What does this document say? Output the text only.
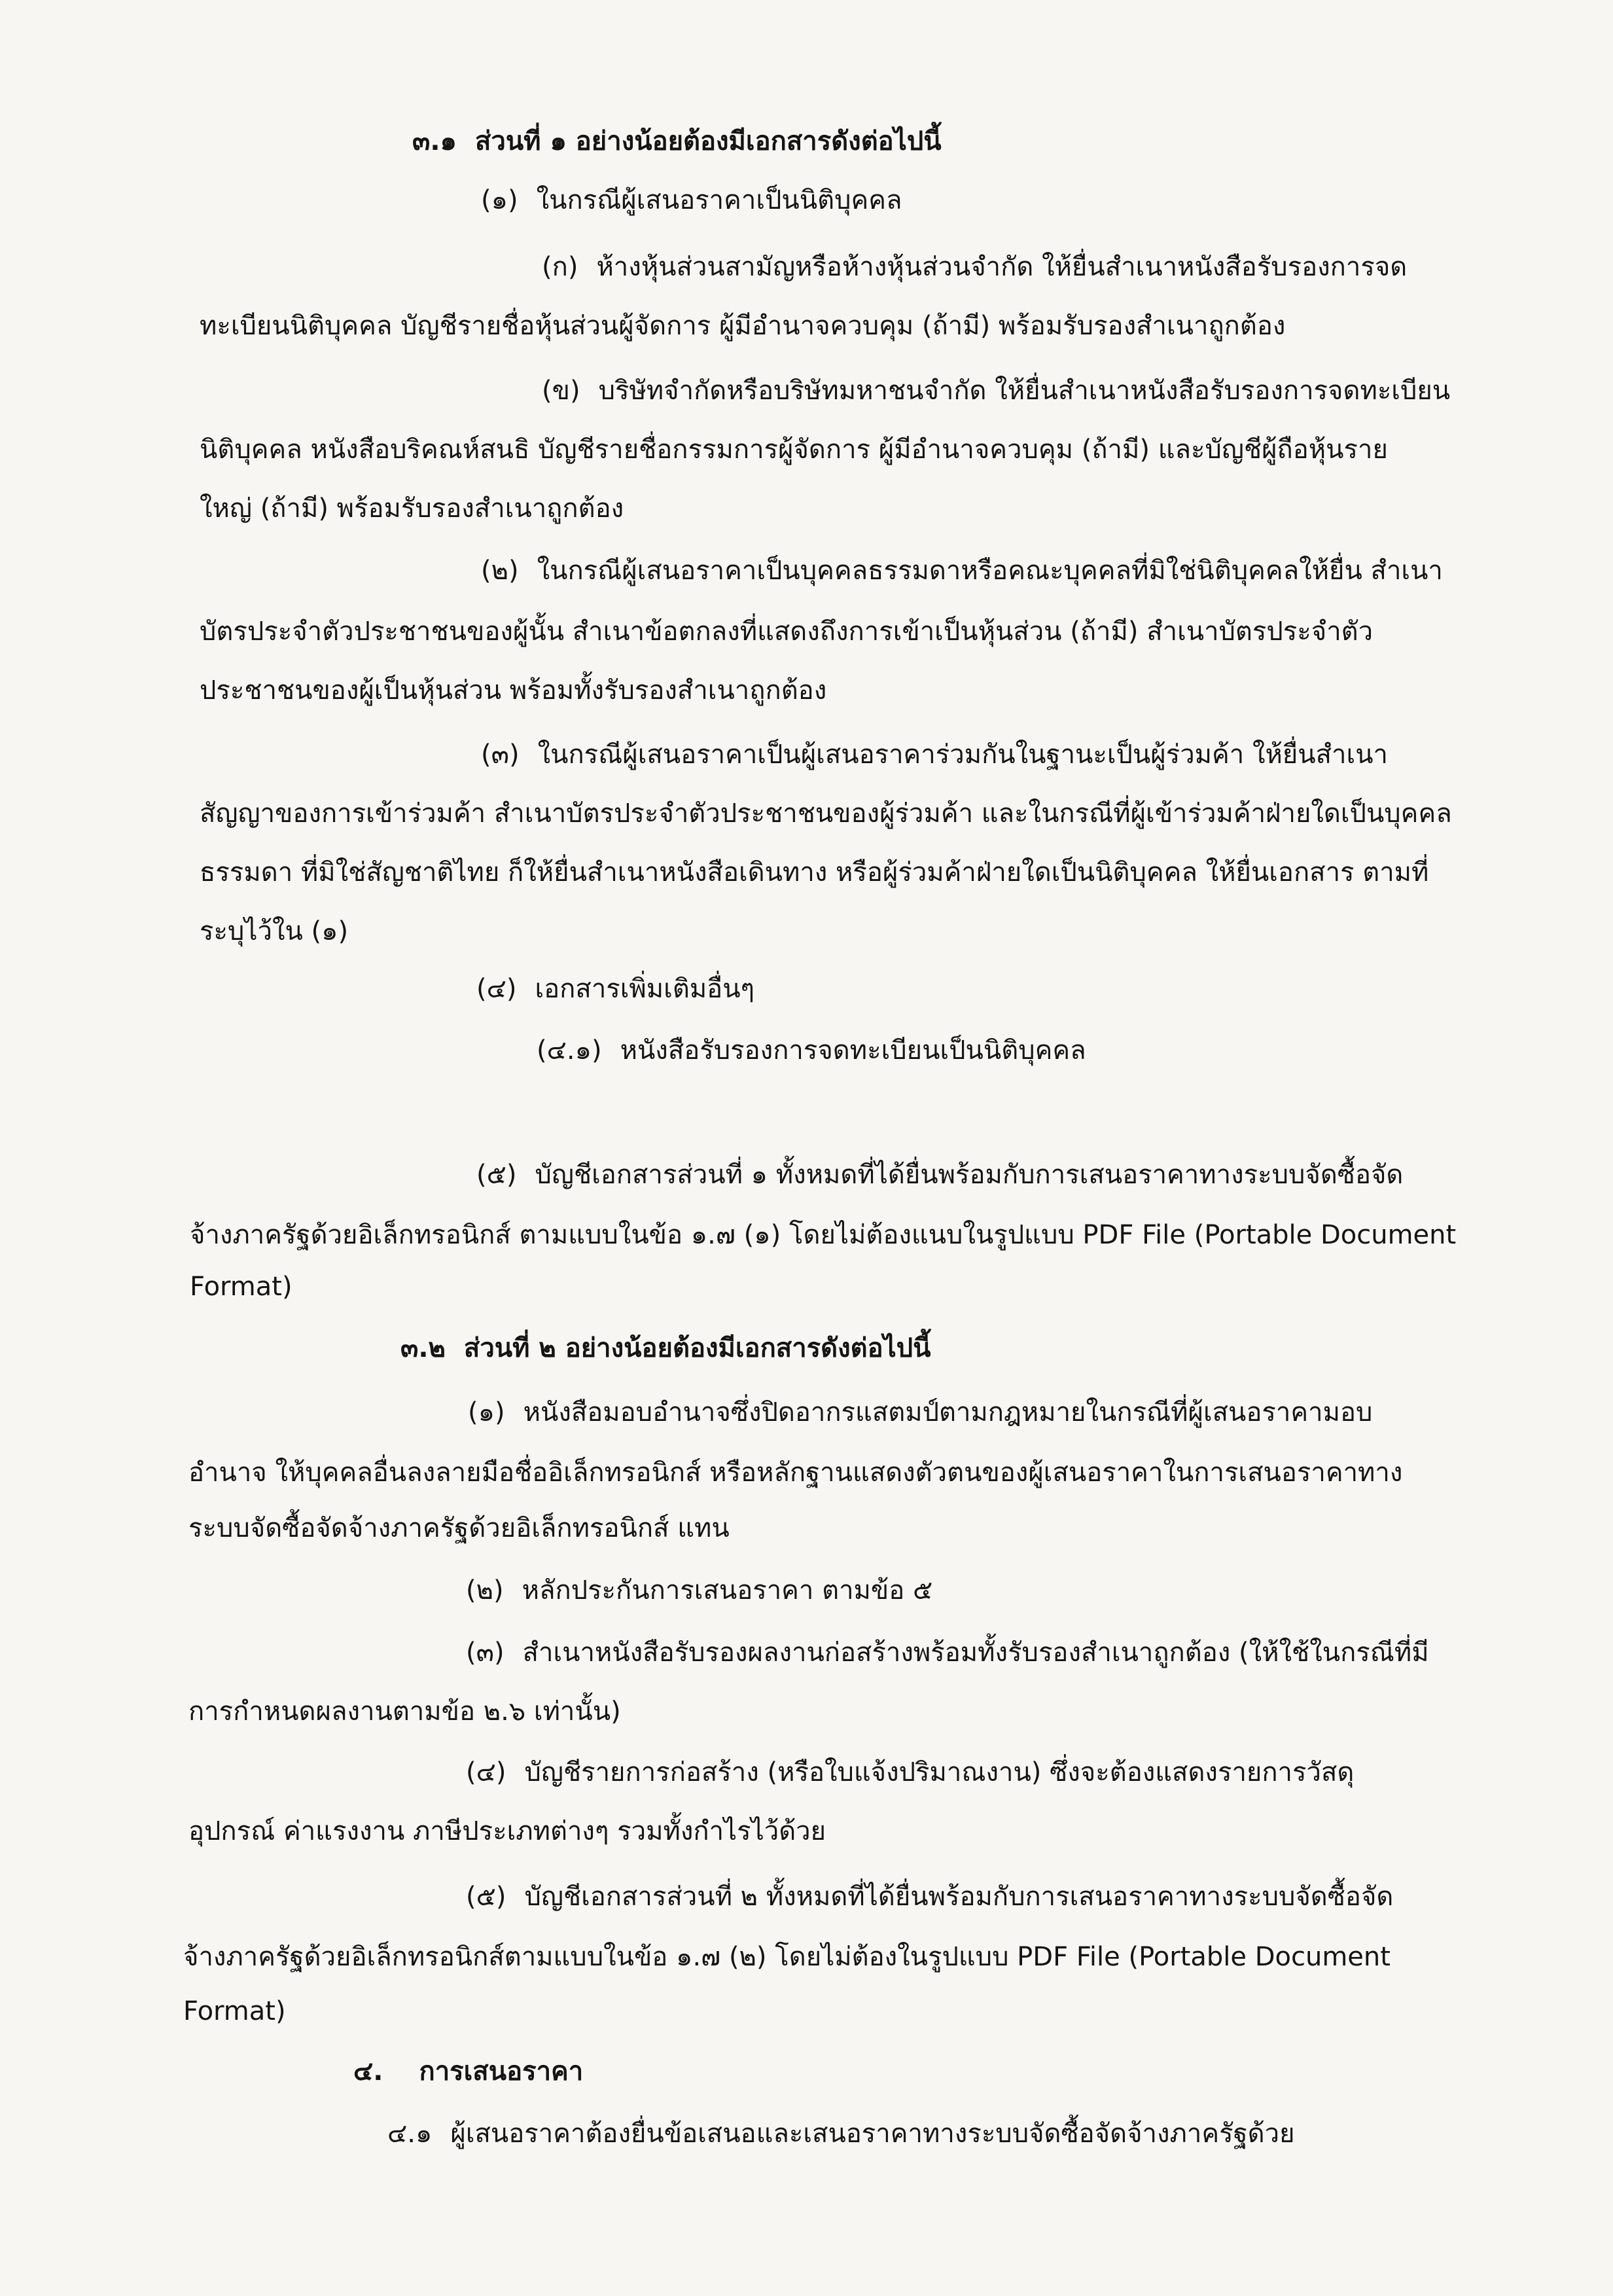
๓.๑ ส่วนที่ ๑ อย่างน้อยต้องมีเอกสารดังต่อไปนี้
(๑) ในกรณีผู้เสนอราคาเป็นนิติบุคคล
(ก) ห้างหุ้นส่วนสามัญหรือห้างหุ้นส่วนจำกัด ให้ยื่นสำเนาหนังสือรับรองการจด
ทะเบียนนิติบุคคล บัญชีรายชื่อหุ้นส่วนผู้จัดการ ผู้มีอำนาจควบคุม (ถ้ามี) พร้อมรับรองสำเนาถูกต้อง
(ข) บริษัทจำกัดหรือบริษัทมหาชนจำกัด ให้ยื่นสำเนาหนังสือรับรองการจดทะเบียน
นิติบุคคล หนังสือบริคณห์สนธิ บัญชีรายชื่อกรรมการผู้จัดการ ผู้มีอำนาจควบคุม (ถ้ามี) และบัญชีผู้ถือหุ้นราย
ใหญ่ (ถ้ามี) พร้อมรับรองสำเนาถูกต้อง
(๒) ในกรณีผู้เสนอราคาเป็นบุคคลธรรมดาหรือคณะบุคคลที่มิใช่นิติบุคคลให้ยื่น สำเนา
บัตรประจำตัวประชาชนของผู้นั้น สำเนาข้อตกลงที่แสดงถึงการเข้าเป็นหุ้นส่วน (ถ้ามี) สำเนาบัตรประจำตัว
ประชาชนของผู้เป็นหุ้นส่วน พร้อมทั้งรับรองสำเนาถูกต้อง
(๓) ในกรณีผู้เสนอราคาเป็นผู้เสนอราคาร่วมกันในฐานะเป็นผู้ร่วมค้า ให้ยื่นสำเนา
สัญญาของการเข้าร่วมค้า สำเนาบัตรประจำตัวประชาชนของผู้ร่วมค้า และในกรณีที่ผู้เข้าร่วมค้าฝ่ายใดเป็นบุคคล
ธรรมดา ที่มิใช่สัญชาติไทย ก็ให้ยื่นสำเนาหนังสือเดินทาง หรือผู้ร่วมค้าฝ่ายใดเป็นนิติบุคคล ให้ยื่นเอกสาร ตามที่
ระบุไว้ใน (๑)
(๔) เอกสารเพิ่มเติมอื่นๆ
(๔.๑) หนังสือรับรองการจดทะเบียนเป็นนิติบุคคล
(๕) บัญชีเอกสารส่วนที่ ๑ ทั้งหมดที่ได้ยื่นพร้อมกับการเสนอราคาทางระบบจัดซื้อจัด
จ้างภาครัฐด้วยอิเล็กทรอนิกส์ ตามแบบในข้อ ๑.๗ (๑) โดยไม่ต้องแนบในรูปแบบ PDF File (Portable Document
Format)
๓.๒ ส่วนที่ ๒ อย่างน้อยต้องมีเอกสารดังต่อไปนี้
(๑) หนังสือมอบอำนาจซึ่งปิดอากรแสตมป์ตามกฎหมายในกรณีที่ผู้เสนอราคามอบ
อำนาจ ให้บุคคลอื่นลงลายมือชื่ออิเล็กทรอนิกส์ หรือหลักฐานแสดงตัวตนของผู้เสนอราคาในการเสนอราคาทาง
ระบบจัดซื้อจัดจ้างภาครัฐด้วยอิเล็กทรอนิกส์ แทน
(๒) หลักประกันการเสนอราคา ตามข้อ ๕
(๓) สำเนาหนังสือรับรองผลงานก่อสร้างพร้อมทั้งรับรองสำเนาถูกต้อง (ให้ใช้ในกรณีที่มี
การกำหนดผลงานตามข้อ ๒.๖ เท่านั้น)
(๔) บัญชีรายการก่อสร้าง (หรือใบแจ้งปริมาณงาน) ซึ่งจะต้องแสดงรายการวัสดุ
อุปกรณ์ ค่าแรงงาน ภาษีประเภทต่างๆ รวมทั้งกำไรไว้ด้วย
(๕) บัญชีเอกสารส่วนที่ ๒ ทั้งหมดที่ได้ยื่นพร้อมกับการเสนอราคาทางระบบจัดซื้อจัด
จ้างภาครัฐด้วยอิเล็กทรอนิกส์ตามแบบในข้อ ๑.๗ (๒) โดยไม่ต้องในรูปแบบ PDF File (Portable Document
Format)
๔. การเสนอราคา
๔.๑ ผู้เสนอราคาต้องยื่นข้อเสนอและเสนอราคาทางระบบจัดซื้อจัดจ้างภาครัฐด้วย
